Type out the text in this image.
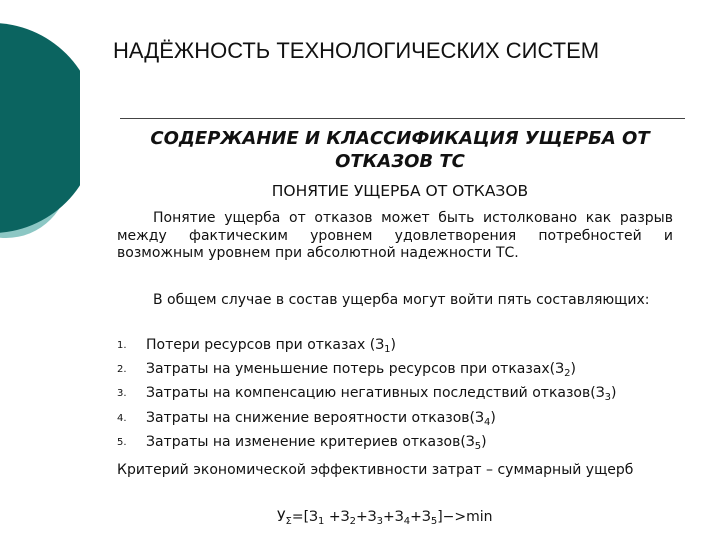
НАДЁЖНОСТЬ ТЕХНОЛОГИЧЕСКИХ СИСТЕМ
СОДЕРЖАНИЕ И КЛАССИФИКАЦИЯ УЩЕРБА ОТ
ОТКАЗОВ ТС
ПОНЯТИЕ УЩЕРБА ОТ ОТКАЗОВ
Понятие ущерба от отказов может быть истолковано как разрыв между фактическим уровнем удовлетворения потребностей и возможным уровнем при абсолютной надежности ТС.
В общем случае в состав ущерба могут войти пять составляющих:
1.	Потери ресурсов при отказах $(З_1)$
2.	Затраты на уменьшение потерь ресурсов при $отказах(З_2)$
3.	Затраты на компенсацию негативных последствий $отказов(З_3)$
4.	Затраты на снижение вероятности $отказов(З_4)$
5.	Затраты на изменение критериев $отказов(З_5)$
Критерий экономической эффективности затрат – суммарный ущерб
$У_\Sigma=[З_1 +З_2+З_3+З_4+З_5]->\min$
